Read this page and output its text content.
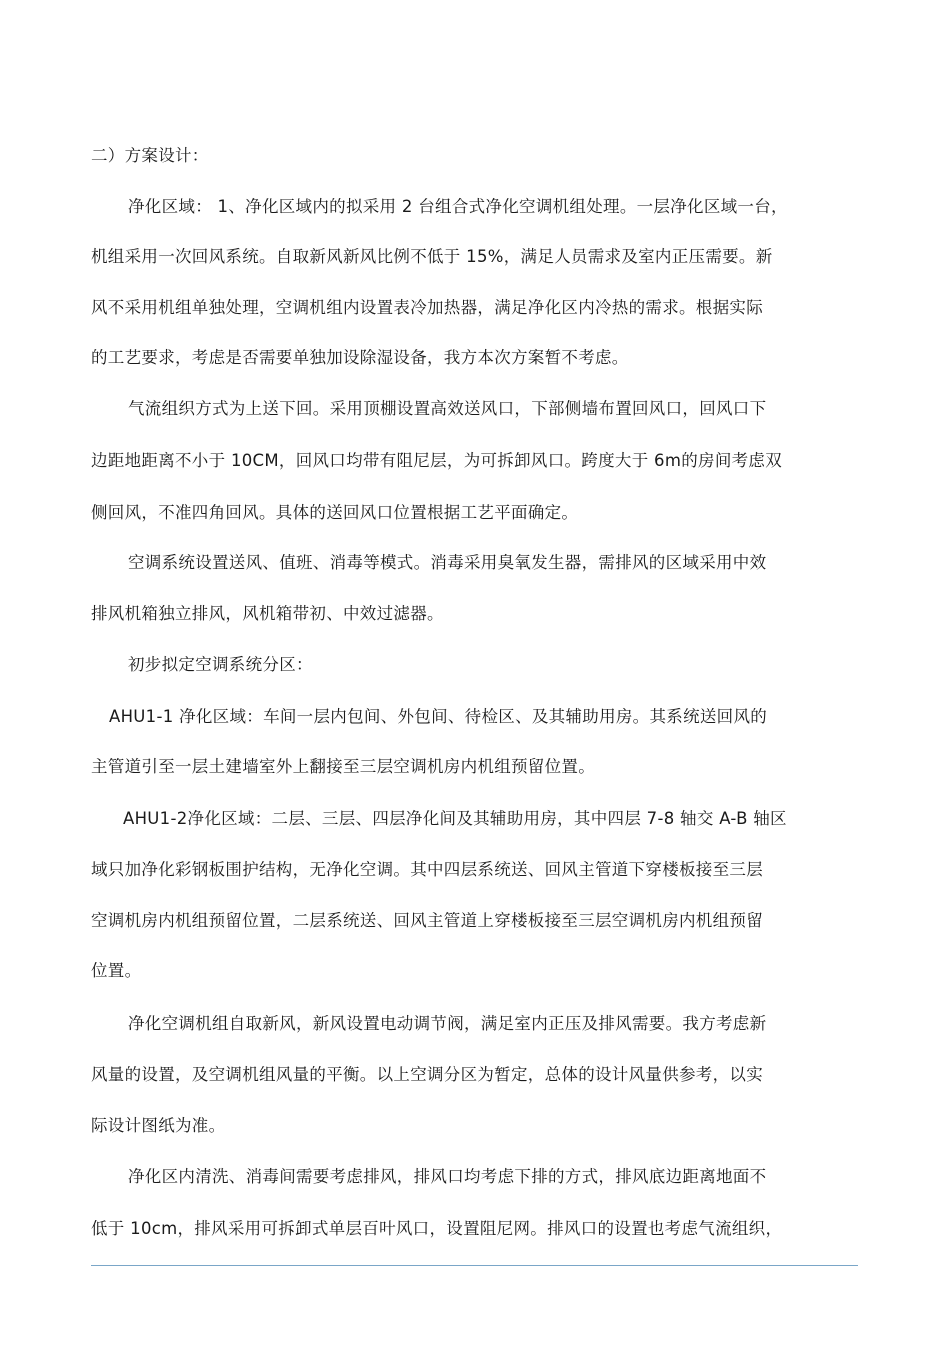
二）方案设计：
净化区域： 1、净化区域内的拟采用 2 台组合式净化空调机组处理。一层净化区域一台，
机组采用一次回风系统。自取新风新风比例不低于 15%，满足人员需求及室内正压需要。新
风不采用机组单独处理，空调机组内设置表冷加热器，满足净化区内冷热的需求。根据实际
的工艺要求，考虑是否需要单独加设除湿设备，我方本次方案暂不考虑。
气流组织方式为上送下回。采用顶棚设置高效送风口，下部侧墙布置回风口，回风口下
边距地距离不小于 10CM，回风口均带有阻尼层，为可拆卸风口。跨度大于 6m的房间考虑双
侧回风，不准四角回风。具体的送回风口位置根据工艺平面确定。
空调系统设置送风、值班、消毒等模式。消毒采用臭氧发生器，需排风的区域采用中效
排风机箱独立排风，风机箱带初、中效过滤器。
初步拟定空调系统分区：
AHU1-1 净化区域：车间一层内包间、外包间、待检区、及其辅助用房。其系统送回风的
主管道引至一层土建墙室外上翻接至三层空调机房内机组预留位置。
AHU1-2净化区域：二层、三层、四层净化间及其辅助用房，其中四层 7-8 轴交 A-B 轴区
域只加净化彩钢板围护结构，无净化空调。其中四层系统送、回风主管道下穿楼板接至三层
空调机房内机组预留位置，二层系统送、回风主管道上穿楼板接至三层空调机房内机组预留
位置。
净化空调机组自取新风，新风设置电动调节阀，满足室内正压及排风需要。我方考虑新
风量的设置，及空调机组风量的平衡。以上空调分区为暂定，总体的设计风量供参考，以实
际设计图纸为准。
净化区内清洗、消毒间需要考虑排风，排风口均考虑下排的方式，排风底边距离地面不
低于 10cm，排风采用可拆卸式单层百叶风口，设置阻尼网。排风口的设置也考虑气流组织，
